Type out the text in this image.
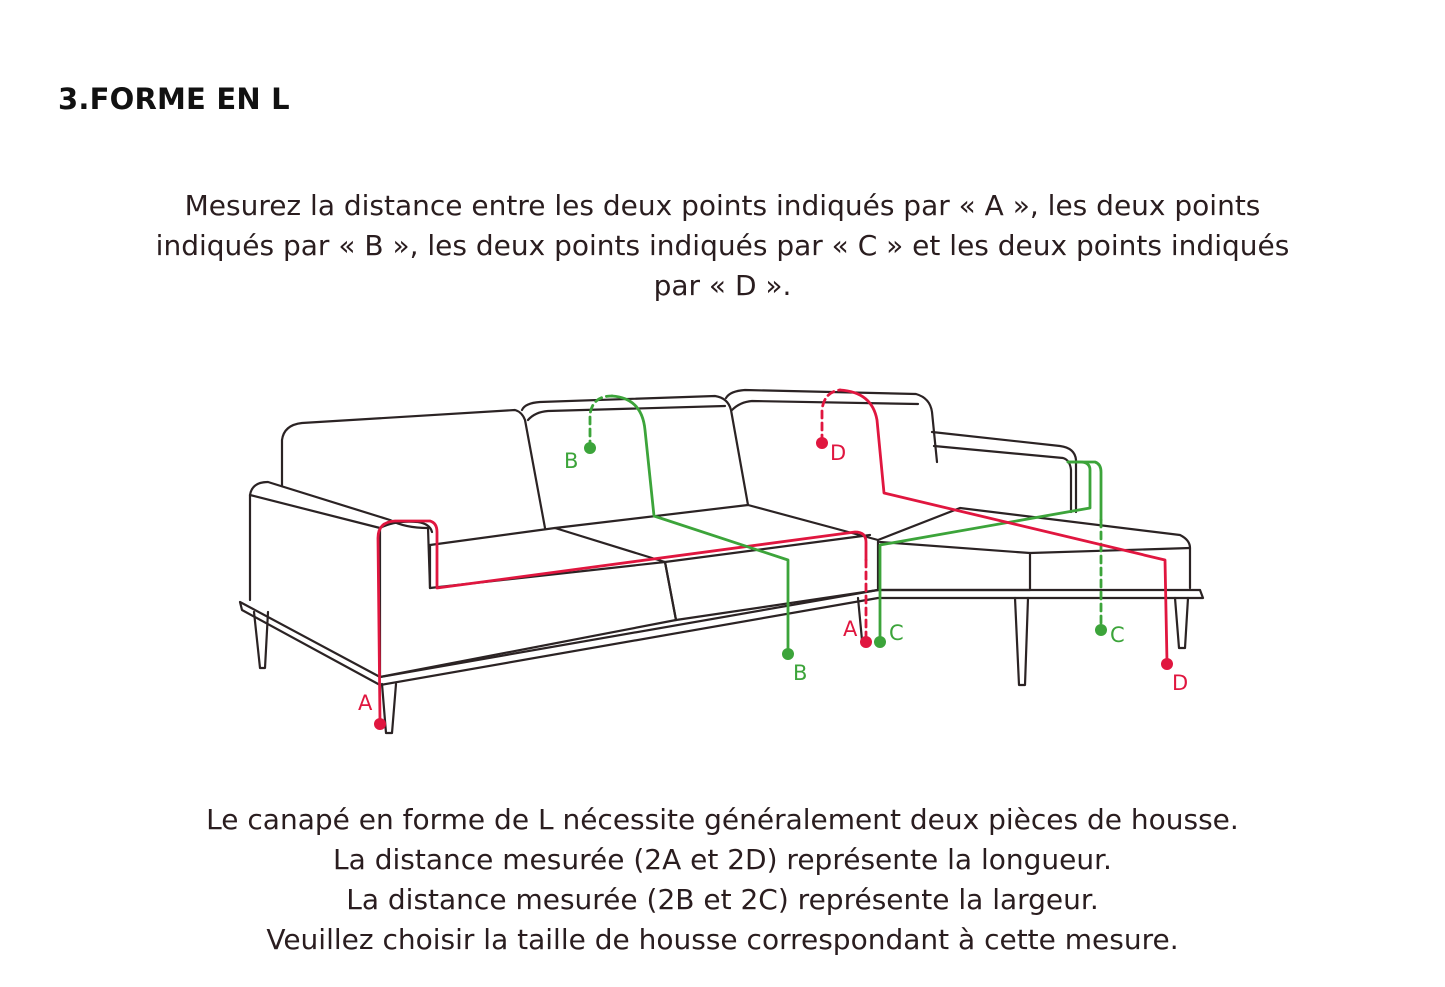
3.FORME EN L

Mesurez la distance entre les deux points indiqués par « A », les deux points
indiqués par « B », les deux points indiqués par « C » et les deux points indiqués
par « D ».

A
A
B
B
C	C
D
D

Le canapé en forme de L nécessite généralement deux pièces de housse.
La distance mesurée (2A et 2D) représente la longueur.
La distance mesurée (2B et 2C) représente la largeur.
Veuillez choisir la taille de housse correspondant à cette mesure.
